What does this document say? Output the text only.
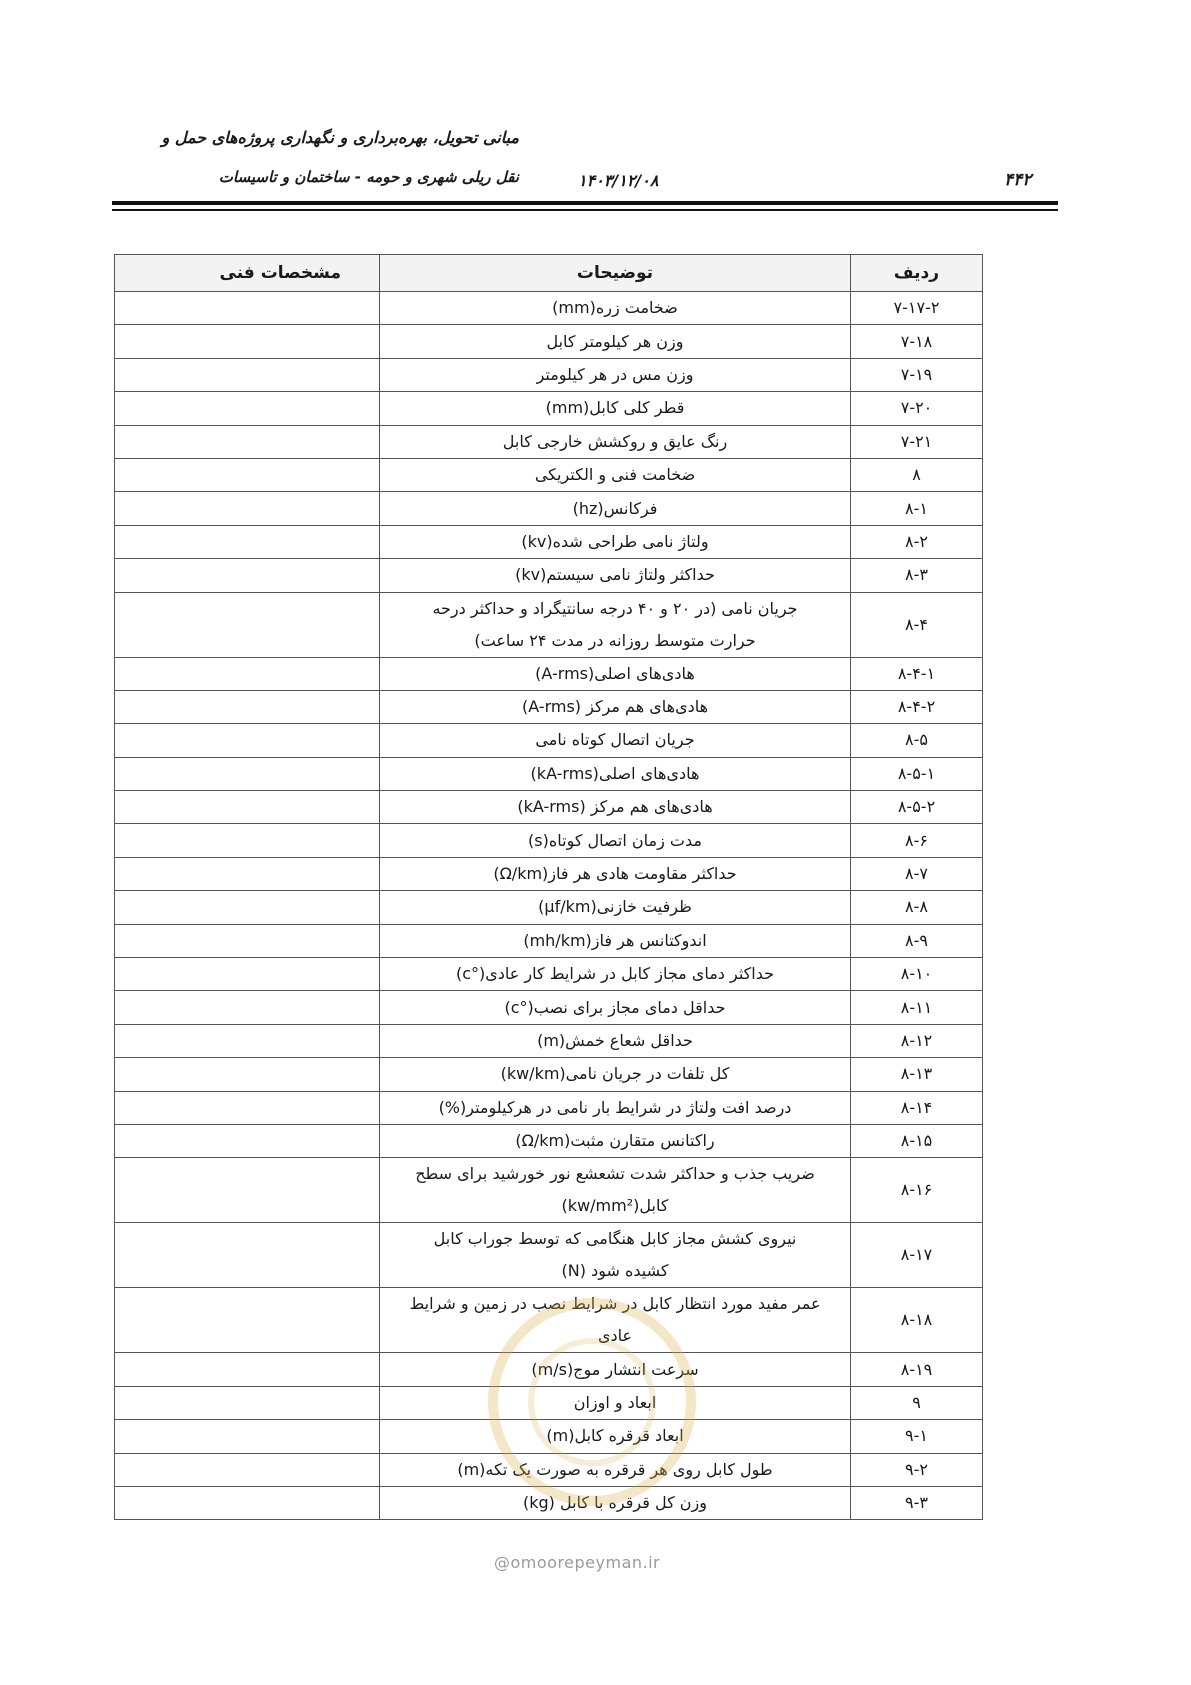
مبانی تحویل، بهره‌برداری و نگهداری پروژه‌های حمل و
نقل ریلی شهری و حومه - ساختمان و تاسیسات	۱۴۰۳/۱۲/۰۸	۴۴۲
ردیف	توضیحات	مشخصات فنی
۷-۱۷-۲	ضخامت زره(mm)	

۷-۱۸	وزن هر کیلومتر کابل	

۷-۱۹	وزن مس در هر کیلومتر	

۷-۲۰	قطر کلی کابل(mm)	

۷-۲۱	رنگ عایق و روکشش خارجی کابل	

۸	ضخامت فنی و الکتریکی	

۸-۱	فرکانس(hz)	

۸-۲	ولتاژ نامی طراحی شده(kv)	

۸-۳	حداکثر ولتاژ نامی سیستم(kv)	

۸-۴	جریان نامی (در ۲۰ و ۴۰ درجه سانتیگراد و حداکثر درحه
حرارت متوسط روزانه در مدت ۲۴ ساعت)	

۸-۴-۱	هادی‌های اصلی(A-rms)	

۸-۴-۲	هادی‌های هم مرکز (A-rms)	

۸-۵	جریان اتصال کوتاه نامی	

۸-۵-۱	هادی‌های اصلی(kA-rms)	

۸-۵-۲	هادی‌های هم مرکز (kA-rms)	

۸-۶	مدت زمان اتصال کوتاه(s)	

۸-۷	حداکثر مقاومت هادی هر فاز(Ω/km)	

۸-۸	ظرفیت خازنی(µf/km)	

۸-۹	اندوکتانس هر فاز(mh/km)	

۸-۱۰	حداکثر دمای مجاز کابل در شرایط کار عادی(°c)	

۸-۱۱	حداقل دمای مجاز برای نصب(°c)	

۸-۱۲	حداقل شعاع خمش(m)	

۸-۱۳	کل تلفات در جریان نامی(kw/km)	

۸-۱۴	درصد افت ولتاژ در شرایط بار نامی در هرکیلومتر(%)	

۸-۱۵	راکتانس متقارن مثبت(Ω/km)	

۸-۱۶	ضریب جذب و حداکثر شدت تشعشع نور خورشید برای سطح
کابل(kw/mm²)	

۸-۱۷	نیروی کشش مجاز کابل هنگامی که توسط جوراب کابل
کشیده شود (N)	

۸-۱۸	عمر مفید مورد انتظار کابل در شرایط نصب در زمین و شرایط
عادی	

۸-۱۹	سرعت انتشار موج(m/s)	

۹	ابعاد و اوزان	

۹-۱	ابعاد قرقره کابل(m)	

۹-۲	طول کابل روی هر قرقره به صورت یک تکه(m)	

۹-۳	وزن کل قرقره با کابل (kg)	

@omoorepeyman.ir
